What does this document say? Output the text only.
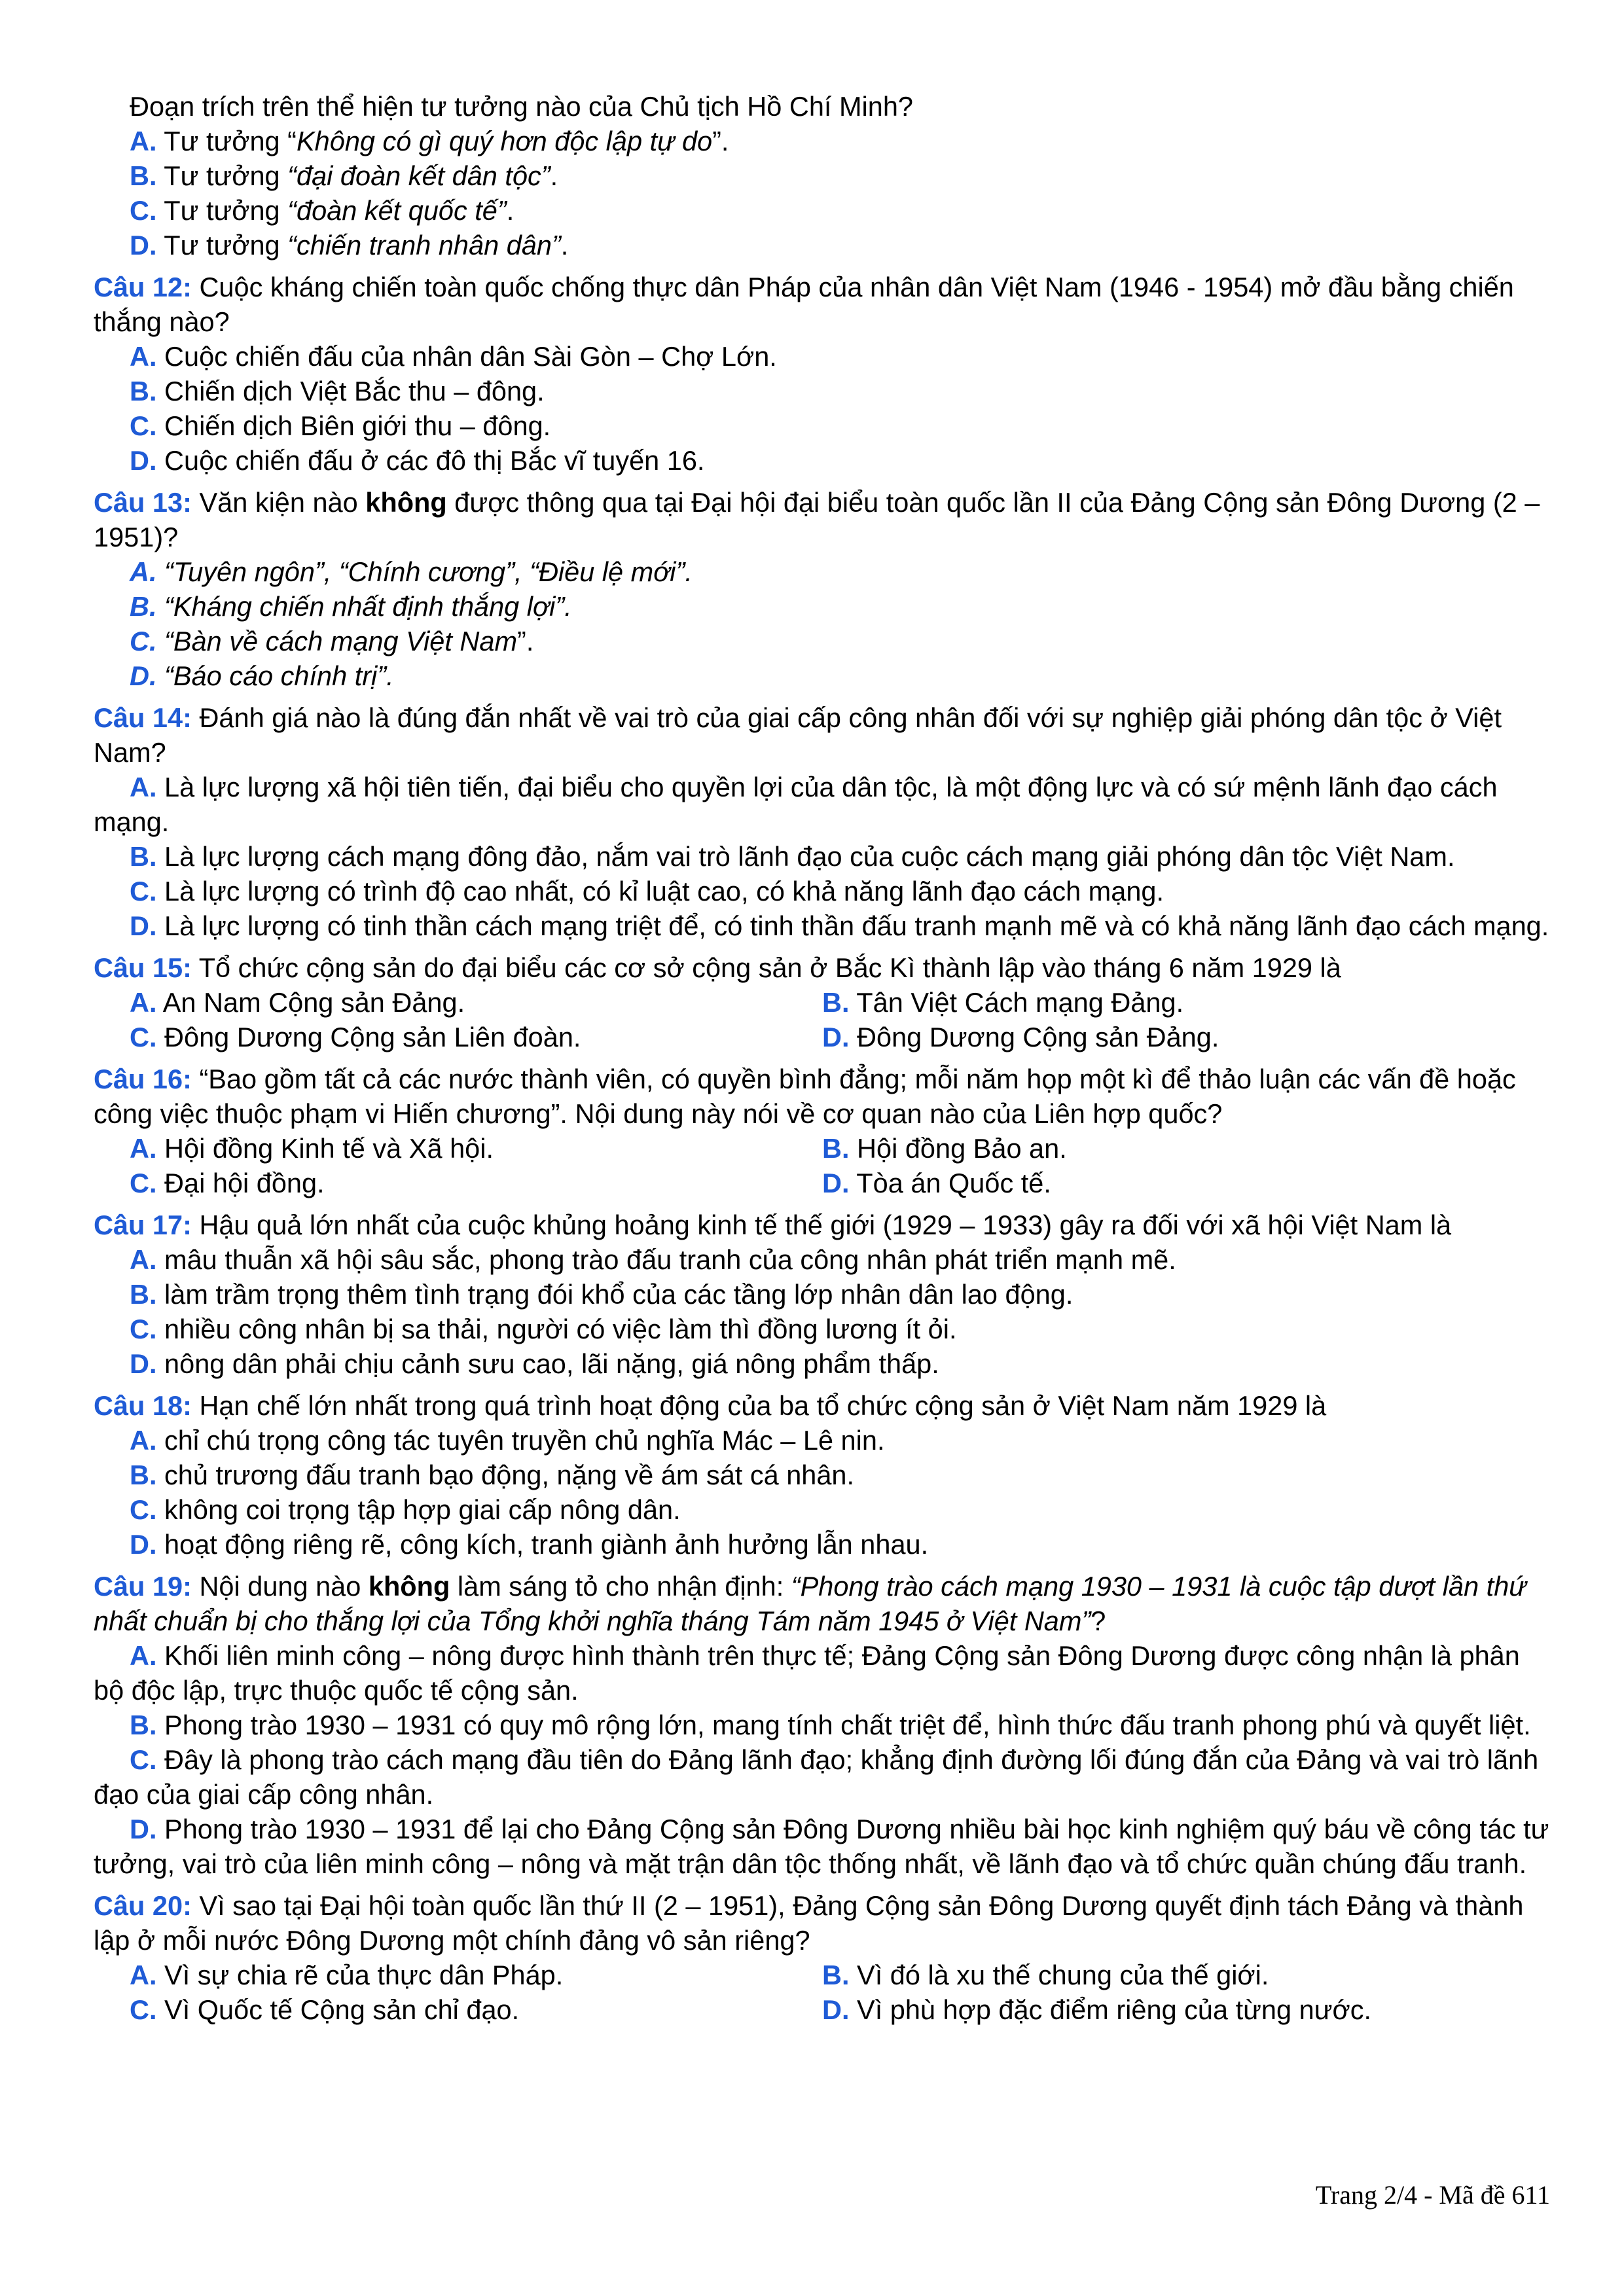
Đoạn trích trên thể hiện tư tưởng nào của Chủ tịch Hồ Chí Minh?

A. Tư tưởng “Không có gì quý hơn độc lập tự do”.

B. Tư tưởng “đại đoàn kết dân tộc”.

C. Tư tưởng “đoàn kết quốc tế”.

D. Tư tưởng “chiến tranh nhân dân”.

Câu 12: Cuộc kháng chiến toàn quốc chống thực dân Pháp của nhân dân Việt Nam (1946 - 1954) mở đầu bằng chiến thắng nào?

A. Cuộc chiến đấu của nhân dân Sài Gòn – Chợ Lớn.

B. Chiến dịch Việt Bắc thu – đông.

C. Chiến dịch Biên giới thu – đông.

D. Cuộc chiến đấu ở các đô thị Bắc vĩ tuyến 16.

Câu 13: Văn kiện nào không được thông qua tại Đại hội đại biểu toàn quốc lần II của Đảng Cộng sản Đông Dương (2 – 1951)?

A. “Tuyên ngôn”, “Chính cương”, “Điều lệ mới”.

B. “Kháng chiến nhất định thắng lợi”.

C. “Bàn về cách mạng Việt Nam”.

D. “Báo cáo chính trị”.

Câu 14: Đánh giá nào là đúng đắn nhất về vai trò của giai cấp công nhân đối với sự nghiệp giải phóng dân tộc ở Việt Nam?

A. Là lực lượng xã hội tiên tiến, đại biểu cho quyền lợi của dân tộc, là một động lực và có sứ mệnh lãnh đạo cách mạng.

B. Là lực lượng cách mạng đông đảo, nắm vai trò lãnh đạo của cuộc cách mạng giải phóng dân tộc Việt Nam.

C. Là lực lượng có trình độ cao nhất, có kỉ luật cao, có khả năng lãnh đạo cách mạng.

D. Là lực lượng có tinh thần cách mạng triệt để, có tinh thần đấu tranh mạnh mẽ và có khả năng lãnh đạo cách mạng.

Câu 15: Tổ chức cộng sản do đại biểu các cơ sở cộng sản ở Bắc Kì thành lập vào tháng 6 năm 1929 là

A. An Nam Cộng sản Đảng.	B. Tân Việt Cách mạng Đảng.

C. Đông Dương Cộng sản Liên đoàn.	D. Đông Dương Cộng sản Đảng.

Câu 16: “Bao gồm tất cả các nước thành viên, có quyền bình đẳng; mỗi năm họp một kì để thảo luận các vấn đề hoặc công việc thuộc phạm vi Hiến chương”. Nội dung này nói về cơ quan nào của Liên hợp quốc?

A. Hội đồng Kinh tế và Xã hội.	B. Hội đồng Bảo an.

C. Đại hội đồng.	D. Tòa án Quốc tế.

Câu 17: Hậu quả lớn nhất của cuộc khủng hoảng kinh tế thế giới (1929 – 1933) gây ra đối với xã hội Việt Nam là

A. mâu thuẫn xã hội sâu sắc, phong trào đấu tranh của công nhân phát triển mạnh mẽ.

B. làm trầm trọng thêm tình trạng đói khổ của các tầng lớp nhân dân lao động.

C. nhiều công nhân bị sa thải, người có việc làm thì đồng lương ít ỏi.

D. nông dân phải chịu cảnh sưu cao, lãi nặng, giá nông phẩm thấp.

Câu 18: Hạn chế lớn nhất trong quá trình hoạt động của ba tổ chức cộng sản ở Việt Nam năm 1929 là

A. chỉ chú trọng công tác tuyên truyền chủ nghĩa Mác – Lê nin.

B. chủ trương đấu tranh bạo động, nặng về ám sát cá nhân.

C. không coi trọng tập hợp giai cấp nông dân.

D. hoạt động riêng rẽ, công kích, tranh giành ảnh hưởng lẫn nhau.

Câu 19: Nội dung nào không làm sáng tỏ cho nhận định: “Phong trào cách mạng 1930 – 1931 là cuộc tập dượt lần thứ nhất chuẩn bị cho thắng lợi của Tổng khởi nghĩa tháng Tám năm 1945 ở Việt Nam”?

A. Khối liên minh công – nông được hình thành trên thực tế; Đảng Cộng sản Đông Dương được công nhận là phân bộ độc lập, trực thuộc quốc tế cộng sản.

B. Phong trào 1930 – 1931 có quy mô rộng lớn, mang tính chất triệt để, hình thức đấu tranh phong phú và quyết liệt.

C. Đây là phong trào cách mạng đầu tiên do Đảng lãnh đạo; khẳng định đường lối đúng đắn của Đảng và vai trò lãnh đạo của giai cấp công nhân.

D. Phong trào 1930 – 1931 để lại cho Đảng Cộng sản Đông Dương nhiều bài học kinh nghiệm quý báu về công tác tư tưởng, vai trò của liên minh công – nông và mặt trận dân tộc thống nhất, về lãnh đạo và tổ chức quần chúng đấu tranh.

Câu 20: Vì sao tại Đại hội toàn quốc lần thứ II (2 – 1951), Đảng Cộng sản Đông Dương quyết định tách Đảng và thành lập ở mỗi nước Đông Dương một chính đảng vô sản riêng?

A. Vì sự chia rẽ của thực dân Pháp.	B. Vì đó là xu thế chung của thế giới.

C. Vì Quốc tế Cộng sản chỉ đạo.	D. Vì phù hợp đặc điểm riêng của từng nước.

Trang 2/4 - Mã đề 611
